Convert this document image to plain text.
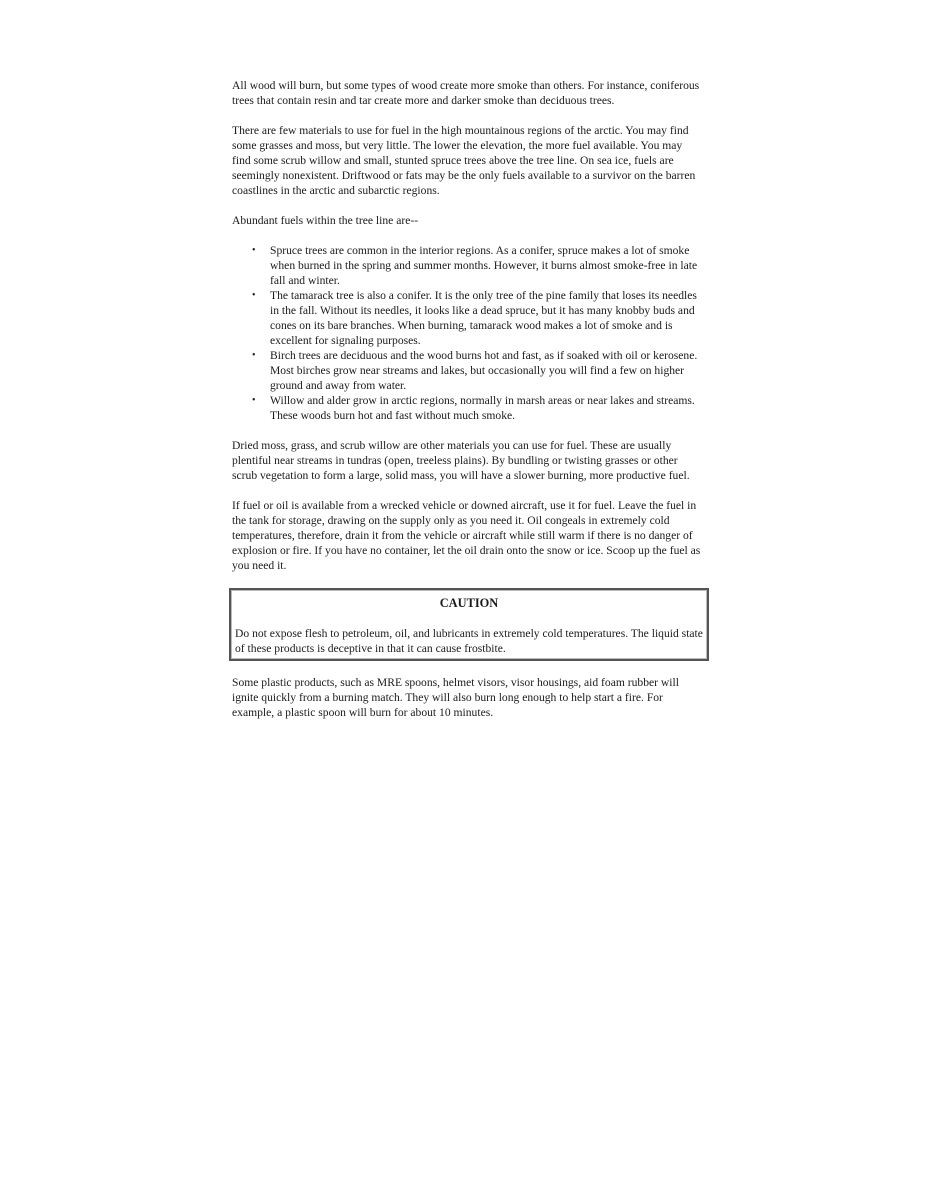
All wood will burn, but some types of wood create more smoke than others. For instance, coniferous trees that contain resin and tar create more and darker smoke than deciduous trees.

There are few materials to use for fuel in the high mountainous regions of the arctic. You may find some grasses and moss, but very little. The lower the elevation, the more fuel available. You may find some scrub willow and small, stunted spruce trees above the tree line. On sea ice, fuels are seemingly nonexistent. Driftwood or fats may be the only fuels available to a survivor on the barren coastlines in the arctic and subarctic regions.

Abundant fuels within the tree line are--

• Spruce trees are common in the interior regions. As a conifer, spruce makes a lot of smoke when burned in the spring and summer months. However, it burns almost smoke-free in late fall and winter.
• The tamarack tree is also a conifer. It is the only tree of the pine family that loses its needles in the fall. Without its needles, it looks like a dead spruce, but it has many knobby buds and cones on its bare branches. When burning, tamarack wood makes a lot of smoke and is excellent for signaling purposes.
• Birch trees are deciduous and the wood burns hot and fast, as if soaked with oil or kerosene. Most birches grow near streams and lakes, but occasionally you will find a few on higher ground and away from water.
• Willow and alder grow in arctic regions, normally in marsh areas or near lakes and streams. These woods burn hot and fast without much smoke.

Dried moss, grass, and scrub willow are other materials you can use for fuel. These are usually plentiful near streams in tundras (open, treeless plains). By bundling or twisting grasses or other scrub vegetation to form a large, solid mass, you will have a slower burning, more productive fuel.

If fuel or oil is available from a wrecked vehicle or downed aircraft, use it for fuel. Leave the fuel in the tank for storage, drawing on the supply only as you need it. Oil congeals in extremely cold temperatures, therefore, drain it from the vehicle or aircraft while still warm if there is no danger of explosion or fire. If you have no container, let the oil drain onto the snow or ice. Scoop up the fuel as you need it.

CAUTION

Do not expose flesh to petroleum, oil, and lubricants in extremely cold temperatures. The liquid state of these products is deceptive in that it can cause frostbite.

Some plastic products, such as MRE spoons, helmet visors, visor housings, aid foam rubber will ignite quickly from a burning match. They will also burn long enough to help start a fire. For example, a plastic spoon will burn for about 10 minutes.
